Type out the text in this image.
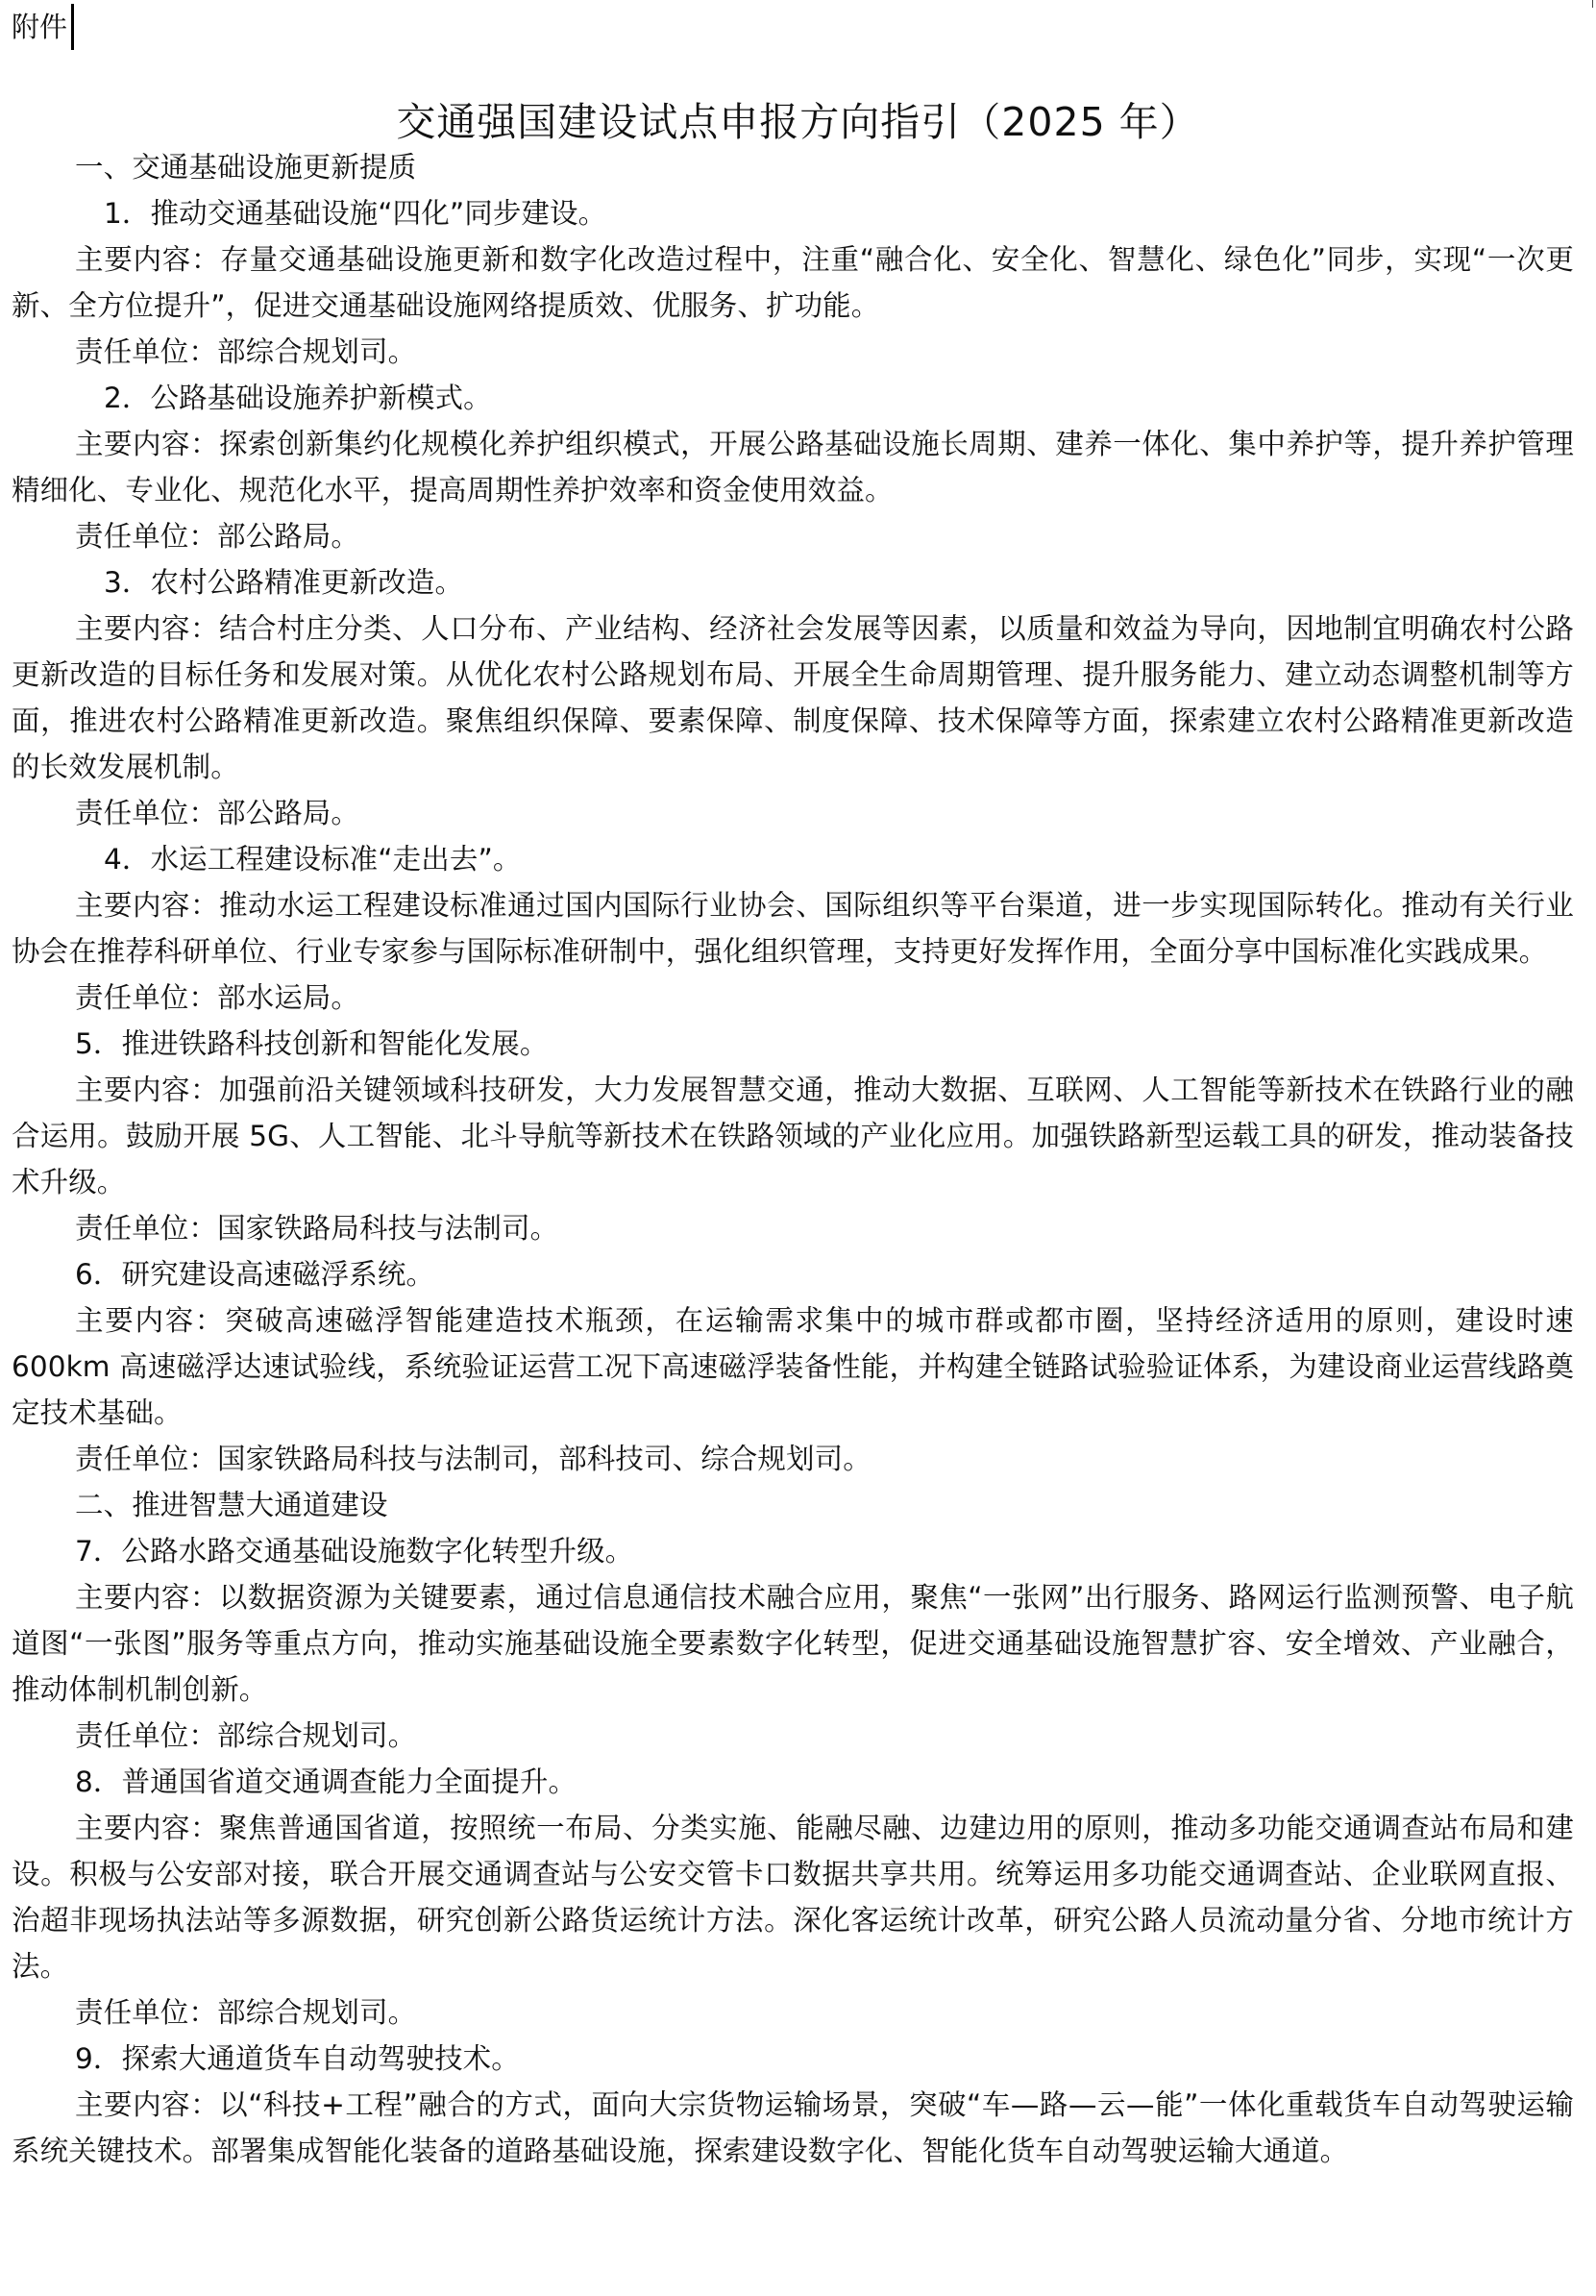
附件
交通强国建设试点申报方向指引（2025 年）

一、交通基础设施更新提质

1．推动交通基础设施“四化”同步建设。

主要内容：存量交通基础设施更新和数字化改造过程中，注重“融合化、安全化、智慧化、绿色化”同步，实现“一次更新、全方位提升”，促进交通基础设施网络提质效、优服务、扩功能。

责任单位：部综合规划司。

2．公路基础设施养护新模式。

主要内容：探索创新集约化规模化养护组织模式，开展公路基础设施长周期、建养一体化、集中养护等，提升养护管理精细化、专业化、规范化水平，提高周期性养护效率和资金使用效益。

责任单位：部公路局。

3．农村公路精准更新改造。

主要内容：结合村庄分类、人口分布、产业结构、经济社会发展等因素，以质量和效益为导向，因地制宜明确农村公路更新改造的目标任务和发展对策。从优化农村公路规划布局、开展全生命周期管理、提升服务能力、建立动态调整机制等方面，推进农村公路精准更新改造。聚焦组织保障、要素保障、制度保障、技术保障等方面，探索建立农村公路精准更新改造的长效发展机制。

责任单位：部公路局。

4．水运工程建设标准“走出去”。

主要内容：推动水运工程建设标准通过国内国际行业协会、国际组织等平台渠道，进一步实现国际转化。推动有关行业协会在推荐科研单位、行业专家参与国际标准研制中，强化组织管理，支持更好发挥作用，全面分享中国标准化实践成果。

责任单位：部水运局。

5．推进铁路科技创新和智能化发展。

主要内容：加强前沿关键领域科技研发，大力发展智慧交通，推动大数据、互联网、人工智能等新技术在铁路行业的融合运用。鼓励开展 5G、人工智能、北斗导航等新技术在铁路领域的产业化应用。加强铁路新型运载工具的研发，推动装备技术升级。

责任单位：国家铁路局科技与法制司。

6．研究建设高速磁浮系统。

主要内容：突破高速磁浮智能建造技术瓶颈，在运输需求集中的城市群或都市圈，坚持经济适用的原则，建设时速 600km 高速磁浮达速试验线，系统验证运营工况下高速磁浮装备性能，并构建全链路试验验证体系，为建设商业运营线路奠定技术基础。

责任单位：国家铁路局科技与法制司，部科技司、综合规划司。

二、推进智慧大通道建设

7．公路水路交通基础设施数字化转型升级。

主要内容：以数据资源为关键要素，通过信息通信技术融合应用，聚焦“一张网”出行服务、路网运行监测预警、电子航道图“一张图”服务等重点方向，推动实施基础设施全要素数字化转型，促进交通基础设施智慧扩容、安全增效、产业融合，推动体制机制创新。

责任单位：部综合规划司。

8．普通国省道交通调查能力全面提升。

主要内容：聚焦普通国省道，按照统一布局、分类实施、能融尽融、边建边用的原则，推动多功能交通调查站布局和建设。积极与公安部对接，联合开展交通调查站与公安交管卡口数据共享共用。统筹运用多功能交通调查站、企业联网直报、治超非现场执法站等多源数据，研究创新公路货运统计方法。深化客运统计改革，研究公路人员流动量分省、分地市统计方法。

责任单位：部综合规划司。

9．探索大通道货车自动驾驶技术。

主要内容：以“科技+工程”融合的方式，面向大宗货物运输场景，突破“车—路—云—能”一体化重载货车自动驾驶运输系统关键技术。部署集成智能化装备的道路基础设施，探索建设数字化、智能化货车自动驾驶运输大通道。
